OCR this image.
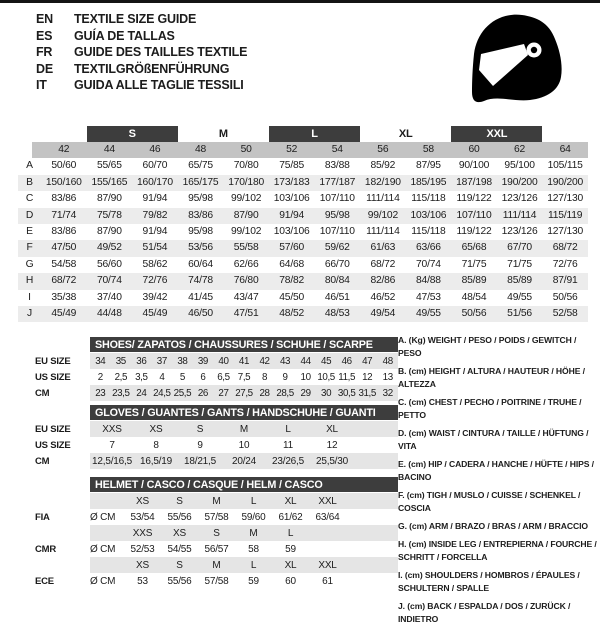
EN	TEXTILE SIZE GUIDE
ES	GUÍA DE TALLAS
FR	GUIDE DES TAILLES TEXTILE
DE	TEXTILGRÖßENFÜHRUNG
IT	GUIDA ALLE TAGLIE TESSILI
S	M	L	XL	XXL
42	44	46	48	50	52	54	56	58	60	62	64
A	50/60	55/65	60/70	65/75	70/80	75/85	83/88	85/92	87/95	90/100	95/100	105/115
B	150/160 155/165 160/170 165/175 170/180 173/183 177/187 182/190 185/195 187/198 190/200 190/200
C	83/86	87/90	91/94	95/98	99/102	103/106 107/110	111/114	115/118	119/122 123/126 127/130
D	71/74	75/78	79/82	83/86	87/90	91/94	95/98	99/102	103/106 107/110	111/114	115/119
E	83/86	87/90	91/94	95/98	99/102	103/106 107/110	111/114	115/118	119/122 123/126 127/130
F	47/50	49/52	51/54	53/56	55/58	57/60	59/62	61/63	63/66	65/68	67/70	68/72
G	54/58	56/60	58/62	60/64	62/66	64/68	66/70	68/72	70/74	71/75	71/75	72/76
H	68/72	70/74	72/76	74/78	76/80	78/82	80/84	82/86	84/88	85/89	85/89	87/91
I	35/38	37/40	39/42	41/45	43/47	45/50	46/51	46/52	47/53	48/54	49/55	50/56
J	45/49	44/48	45/49	46/50	47/51	48/52	48/53	49/54	49/55	50/56	51/56	52/58
SHOES/ ZAPATOS / CHAUSSURES / SCHUHE / SCARPE
EU SIZE	34	35	36	37	38	39	40	41	42	43	44	45	46	47	48
US SIZE	2	2,5 3,5	4	5	6	6,5 7,5	8	9	10 10,5 11,5 12	13
CM	23 23,5 24 24,5 25,5 26	27 27,5 28 28,5 29	30 30,5 31,5 32
GLOVES / GUANTES / GANTS / HANDSCHUHE / GUANTI
EU SIZE	XXS	XS	S	M	L	XL
US SIZE	7	8	9	10	11	12
CM	12,5/16,5 16,5/19	18/21,5	20/24	23/26,5	25,5/30
HELMET / CASCO / CASQUE / HELM / CASCO
XS	S	M	L	XL	XXL
FIA	Ø CM	53/54	55/56	57/58	59/60	61/62	63/64
XXS	XS	S	M	L
CMR	Ø CM	52/53	54/55	56/57	58	59
XS	S	M	L	XL	XXL
ECE	Ø CM	53	55/56	57/58	59	60	61
A. (Kg) WEIGHT / PESO / POIDS / GEWITCH / PESO
B. (cm) HEIGHT / ALTURA / HAUTEUR / HÖHE / ALTEZZA
C. (cm) CHEST / PECHO / POITRINE / TRUHE / PETTO
D. (cm) WAIST / CINTURA / TAILLE / HÜFTUNG / VITA
E. (cm) HIP / CADERA / HANCHE / HÜFTE / HIPS / BACINO
F. (cm) TIGH / MUSLO / CUISSE / SCHENKEL / COSCIA
G. (cm) ARM / BRAZO / BRAS / ARM / BRACCIO
H. (cm) INSIDE LEG / ENTREPIERNA / FOURCHE / SCHRITT / FORCELLA
I. (cm) SHOULDERS / HOMBROS / ÉPAULES / SCHULTERN / SPALLE
J. (cm) BACK / ESPALDA / DOS / ZURÜCK / INDIETRO
